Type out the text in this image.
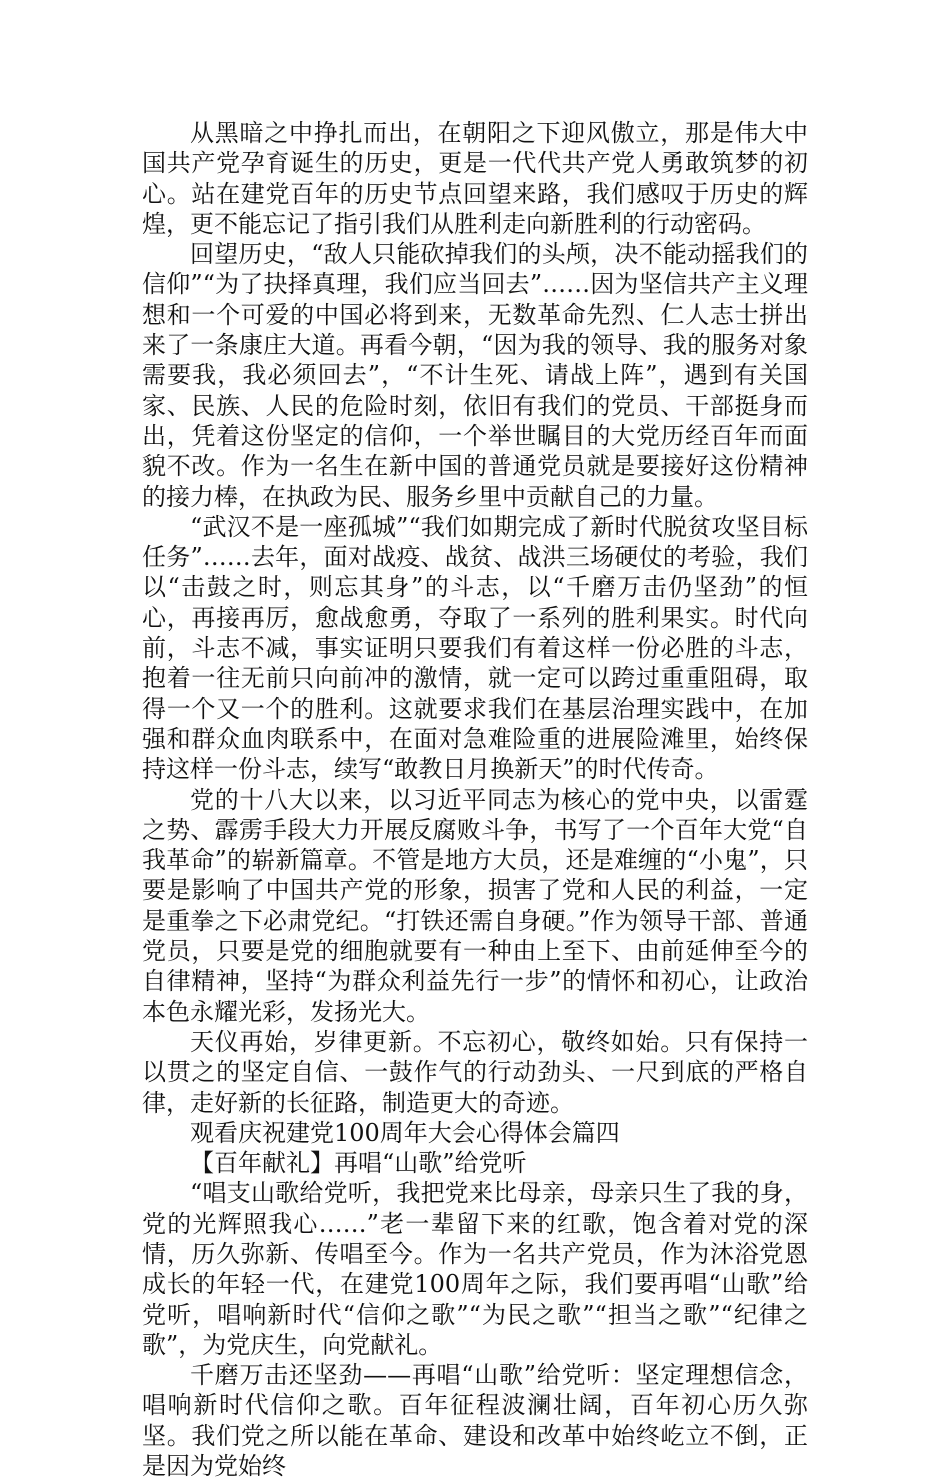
从黑暗之中挣扎而出，在朝阳之下迎风傲立，那是伟大中国共产党孕育诞生的历史，更是一代代共产党人勇敢筑梦的初心。站在建党百年的历史节点回望来路，我们感叹于历史的辉煌，更不能忘记了指引我们从胜利走向新胜利的行动密码。

回望历史，“敌人只能砍掉我们的头颅，决不能动摇我们的信仰”“为了抉择真理，我们应当回去”……因为坚信共产主义理想和一个可爱的中国必将到来，无数革命先烈、仁人志士拼出来了一条康庄大道。再看今朝，“因为我的领导、我的服务对象需要我，我必须回去”，“不计生死、请战上阵”，遇到有关国家、民族、人民的危险时刻，依旧有我们的党员、干部挺身而出，凭着这份坚定的信仰，一个举世瞩目的大党历经百年而面貌不改。作为一名生在新中国的普通党员就是要接好这份精神的接力棒，在执政为民、服务乡里中贡献自己的力量。

“武汉不是一座孤城”“我们如期完成了新时代脱贫攻坚目标任务”……去年，面对战疫、战贫、战洪三场硬仗的考验，我们以“击鼓之时，则忘其身”的斗志，以“千磨万击仍坚劲”的恒心，再接再厉，愈战愈勇，夺取了一系列的胜利果实。时代向前，斗志不减，事实证明只要我们有着这样一份必胜的斗志，抱着一往无前只向前冲的激情，就一定可以跨过重重阻碍，取得一个又一个的胜利。这就要求我们在基层治理实践中，在加强和群众血肉联系中，在面对急难险重的进展险滩里，始终保持这样一份斗志，续写“敢教日月换新天”的时代传奇。

党的十八大以来，以习近平同志为核心的党中央，以雷霆之势、霹雳手段大力开展反腐败斗争，书写了一个百年大党“自我革命”的崭新篇章。不管是地方大员，还是难缠的“小鬼”，只要是影响了中国共产党的形象，损害了党和人民的利益，一定是重拳之下必肃党纪。“打铁还需自身硬。”作为领导干部、普通党员，只要是党的细胞就要有一种由上至下、由前延伸至今的自律精神，坚持“为群众利益先行一步”的情怀和初心，让政治本色永耀光彩，发扬光大。

天仪再始，岁律更新。不忘初心，敬终如始。只有保持一以贯之的坚定自信、一鼓作气的行动劲头、一尺到底的严格自律，走好新的长征路，制造更大的奇迹。

观看庆祝建党100周年大会心得体会篇四

【百年献礼】再唱“山歌”给党听

“唱支山歌给党听，我把党来比母亲，母亲只生了我的身，党的光辉照我心……”老一辈留下来的红歌，饱含着对党的深情，历久弥新、传唱至今。作为一名共产党员，作为沐浴党恩成长的年轻一代，在建党100周年之际，我们要再唱“山歌”给党听，唱响新时代“信仰之歌”“为民之歌”“担当之歌”“纪律之歌”，为党庆生，向党献礼。

千磨万击还坚劲——再唱“山歌”给党听：坚定理想信念，唱响新时代信仰之歌。百年征程波澜壮阔，百年初心历久弥坚。我们党之所以能在革命、建设和改革中始终屹立不倒，正是因为党始终
